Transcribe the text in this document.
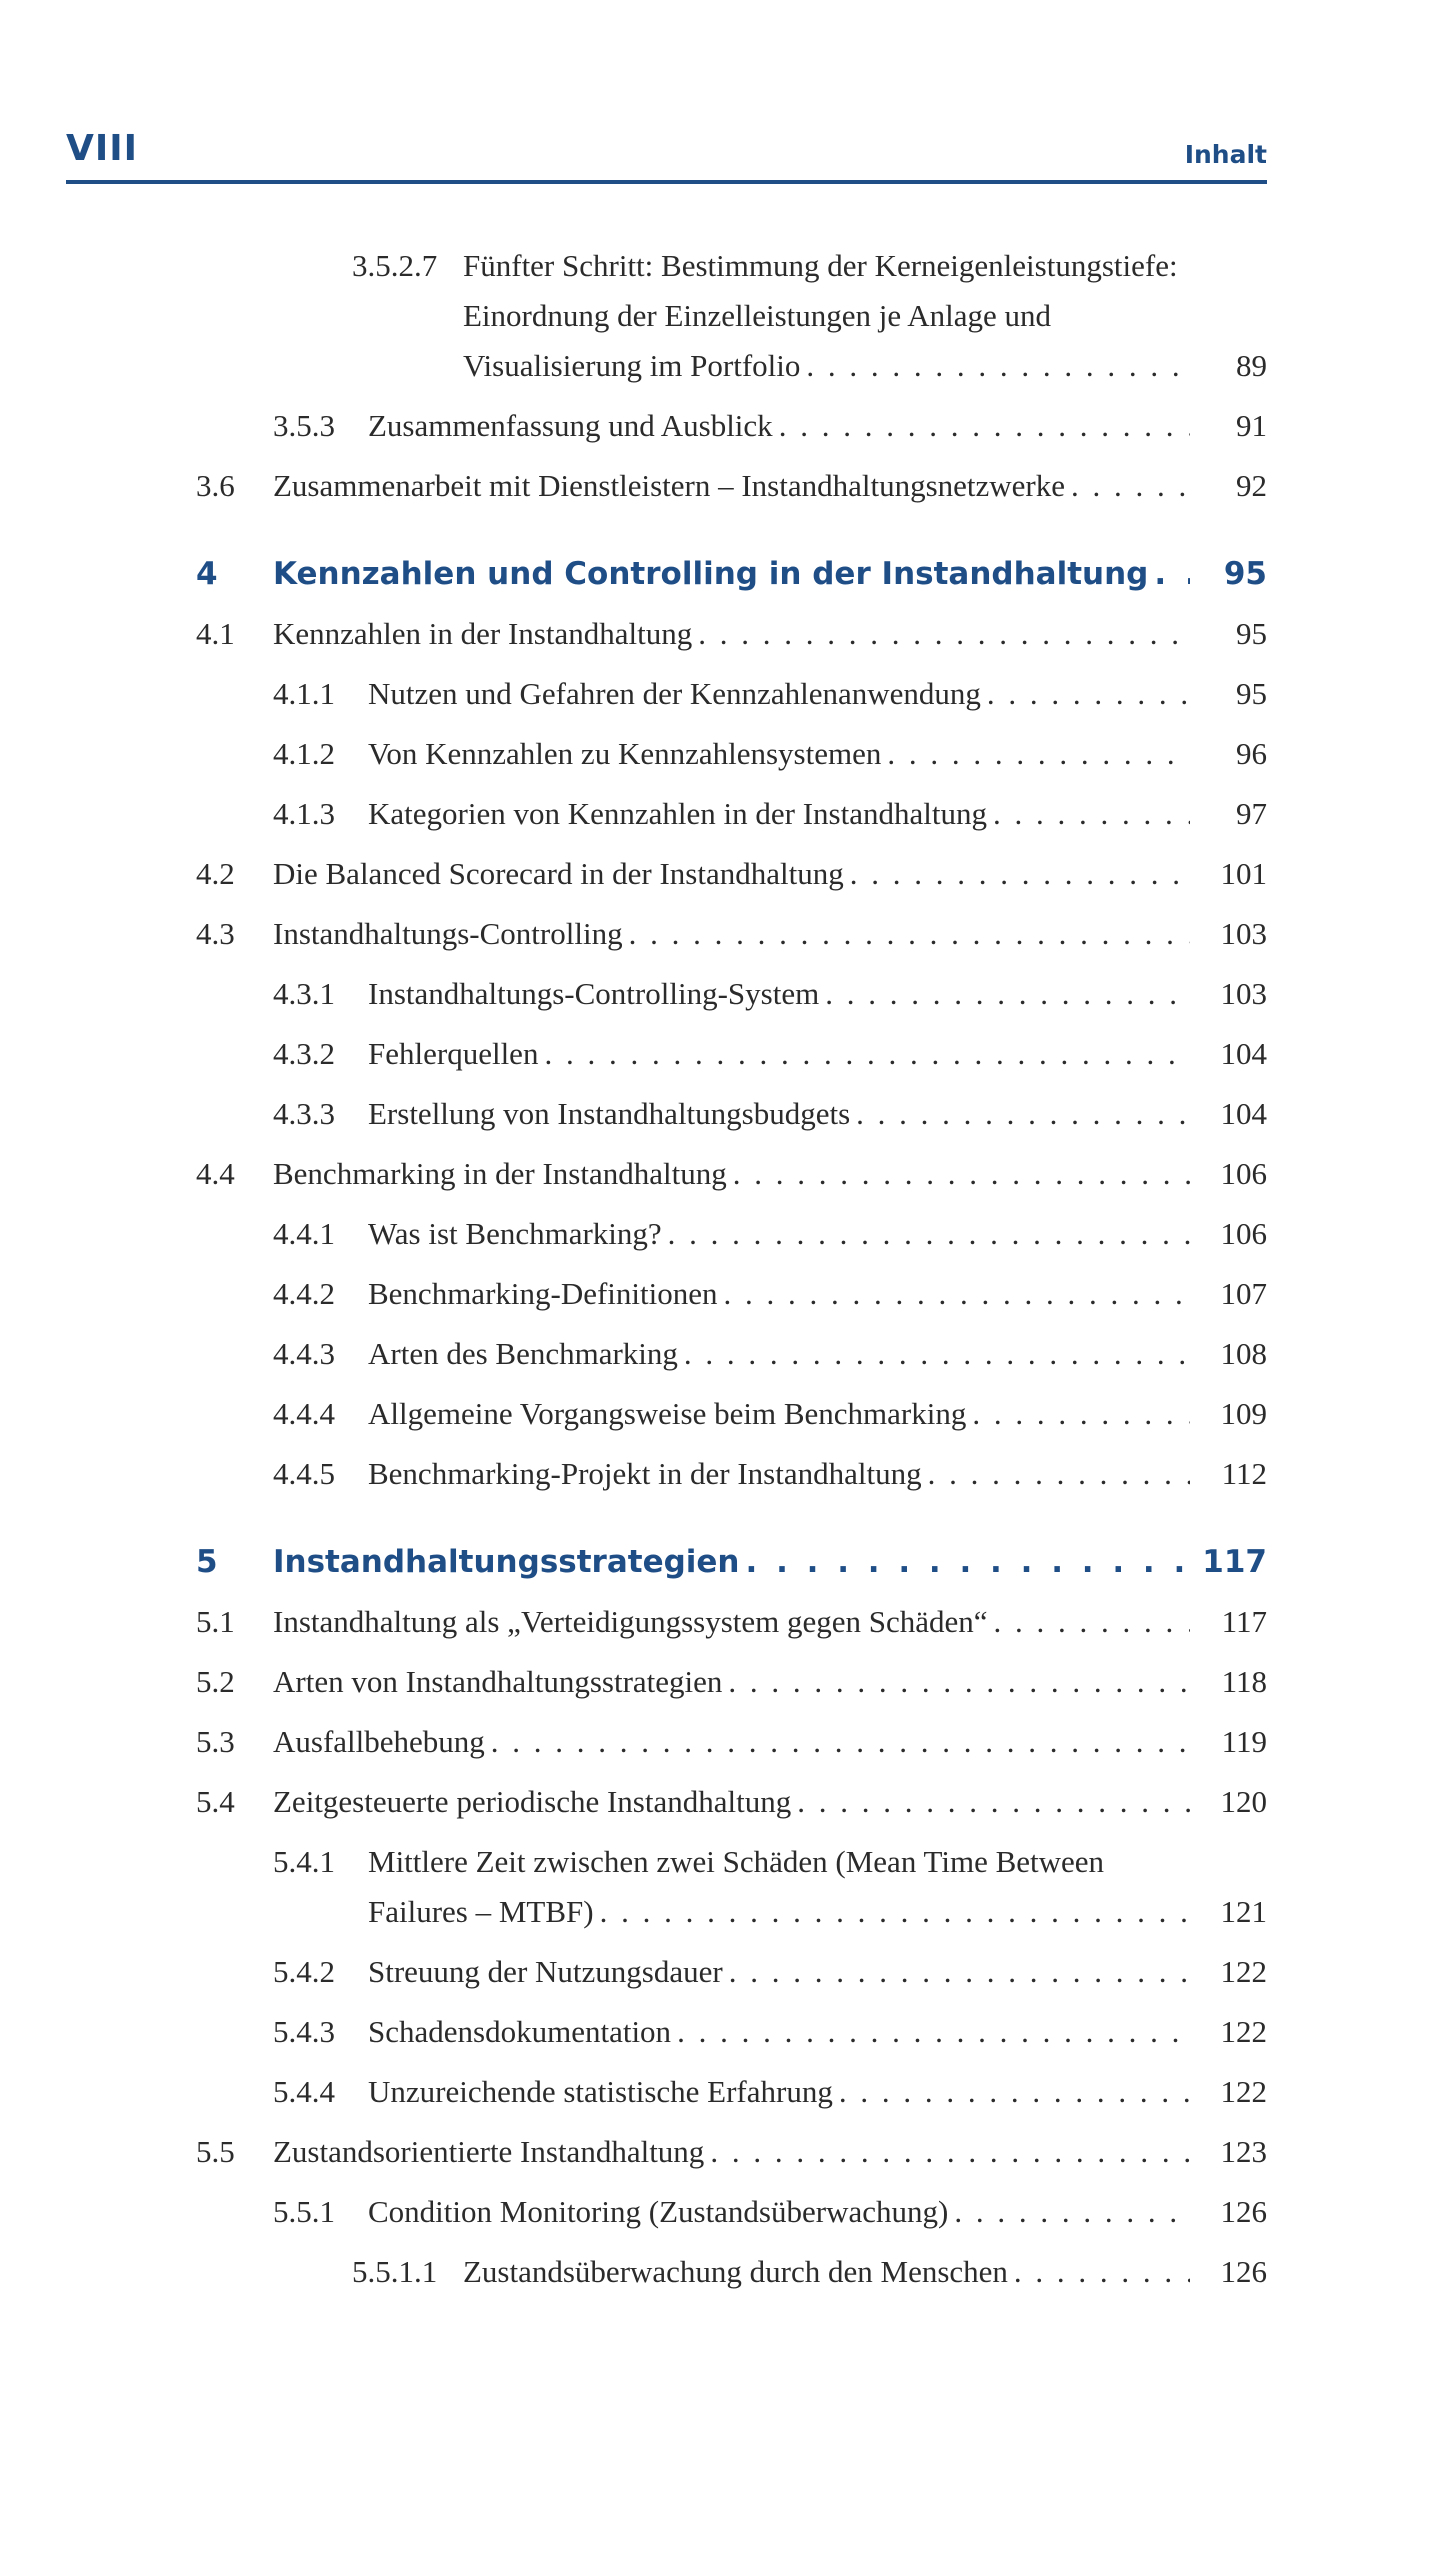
VIII	Inhalt
3.5.2.7 Fünfter Schritt: Bestimmung der Kerneigenleistungstiefe:
Einordnung der Einzelleistungen je Anlage und
Visualisierung im Portfolio . . .	89
3.5.3 Zusammenfassung und Ausblick . . .	91
3.6 Zusammenarbeit mit Dienstleistern – Instandhaltungsnetzwerke . . .	92
4 Kennzahlen und Controlling in der Instandhaltung . . . 95
4.1 Kennzahlen in der Instandhaltung . . .	95
4.1.1 Nutzen und Gefahren der Kennzahlenanwendung . . .	95
4.1.2 Von Kennzahlen zu Kennzahlensystemen . . .	96
4.1.3 Kategorien von Kennzahlen in der Instandhaltung . . .	97
4.2 Die Balanced Scorecard in der Instandhaltung . . .	101
4.3 Instandhaltungs-Controlling . . .	103
4.3.1 Instandhaltungs-Controlling-System . . .	103
4.3.2 Fehlerquellen . . .	104
4.3.3 Erstellung von Instandhaltungsbudgets . . .	104
4.4 Benchmarking in der Instandhaltung . . .	106
4.4.1 Was ist Benchmarking? . . .	106
4.4.2 Benchmarking-Definitionen . . .	107
4.4.3 Arten des Benchmarking . . .	108
4.4.4 Allgemeine Vorgangsweise beim Benchmarking . . .	109
4.4.5 Benchmarking-Projekt in der Instandhaltung . . .	112
5 Instandhaltungsstrategien . . .	117
5.1 Instandhaltung als „Verteidigungssystem gegen Schäden“ . . .	117
5.2 Arten von Instandhaltungsstrategien . . .	118
5.3 Ausfallbehebung . . .	119
5.4 Zeitgesteuerte periodische Instandhaltung . . .	120
5.4.1 Mittlere Zeit zwischen zwei Schäden (Mean Time Between
Failures – MTBF) . . .	121
5.4.2 Streuung der Nutzungsdauer . . .	122
5.4.3 Schadensdokumentation . . .	122
5.4.4 Unzureichende statistische Erfahrung . . .	122
5.5 Zustandsorientierte Instandhaltung . . .	123
5.5.1 Condition Monitoring (Zustandsüberwachung) . . .	126
5.5.1.1 Zustandsüberwachung durch den Menschen . . .	126
